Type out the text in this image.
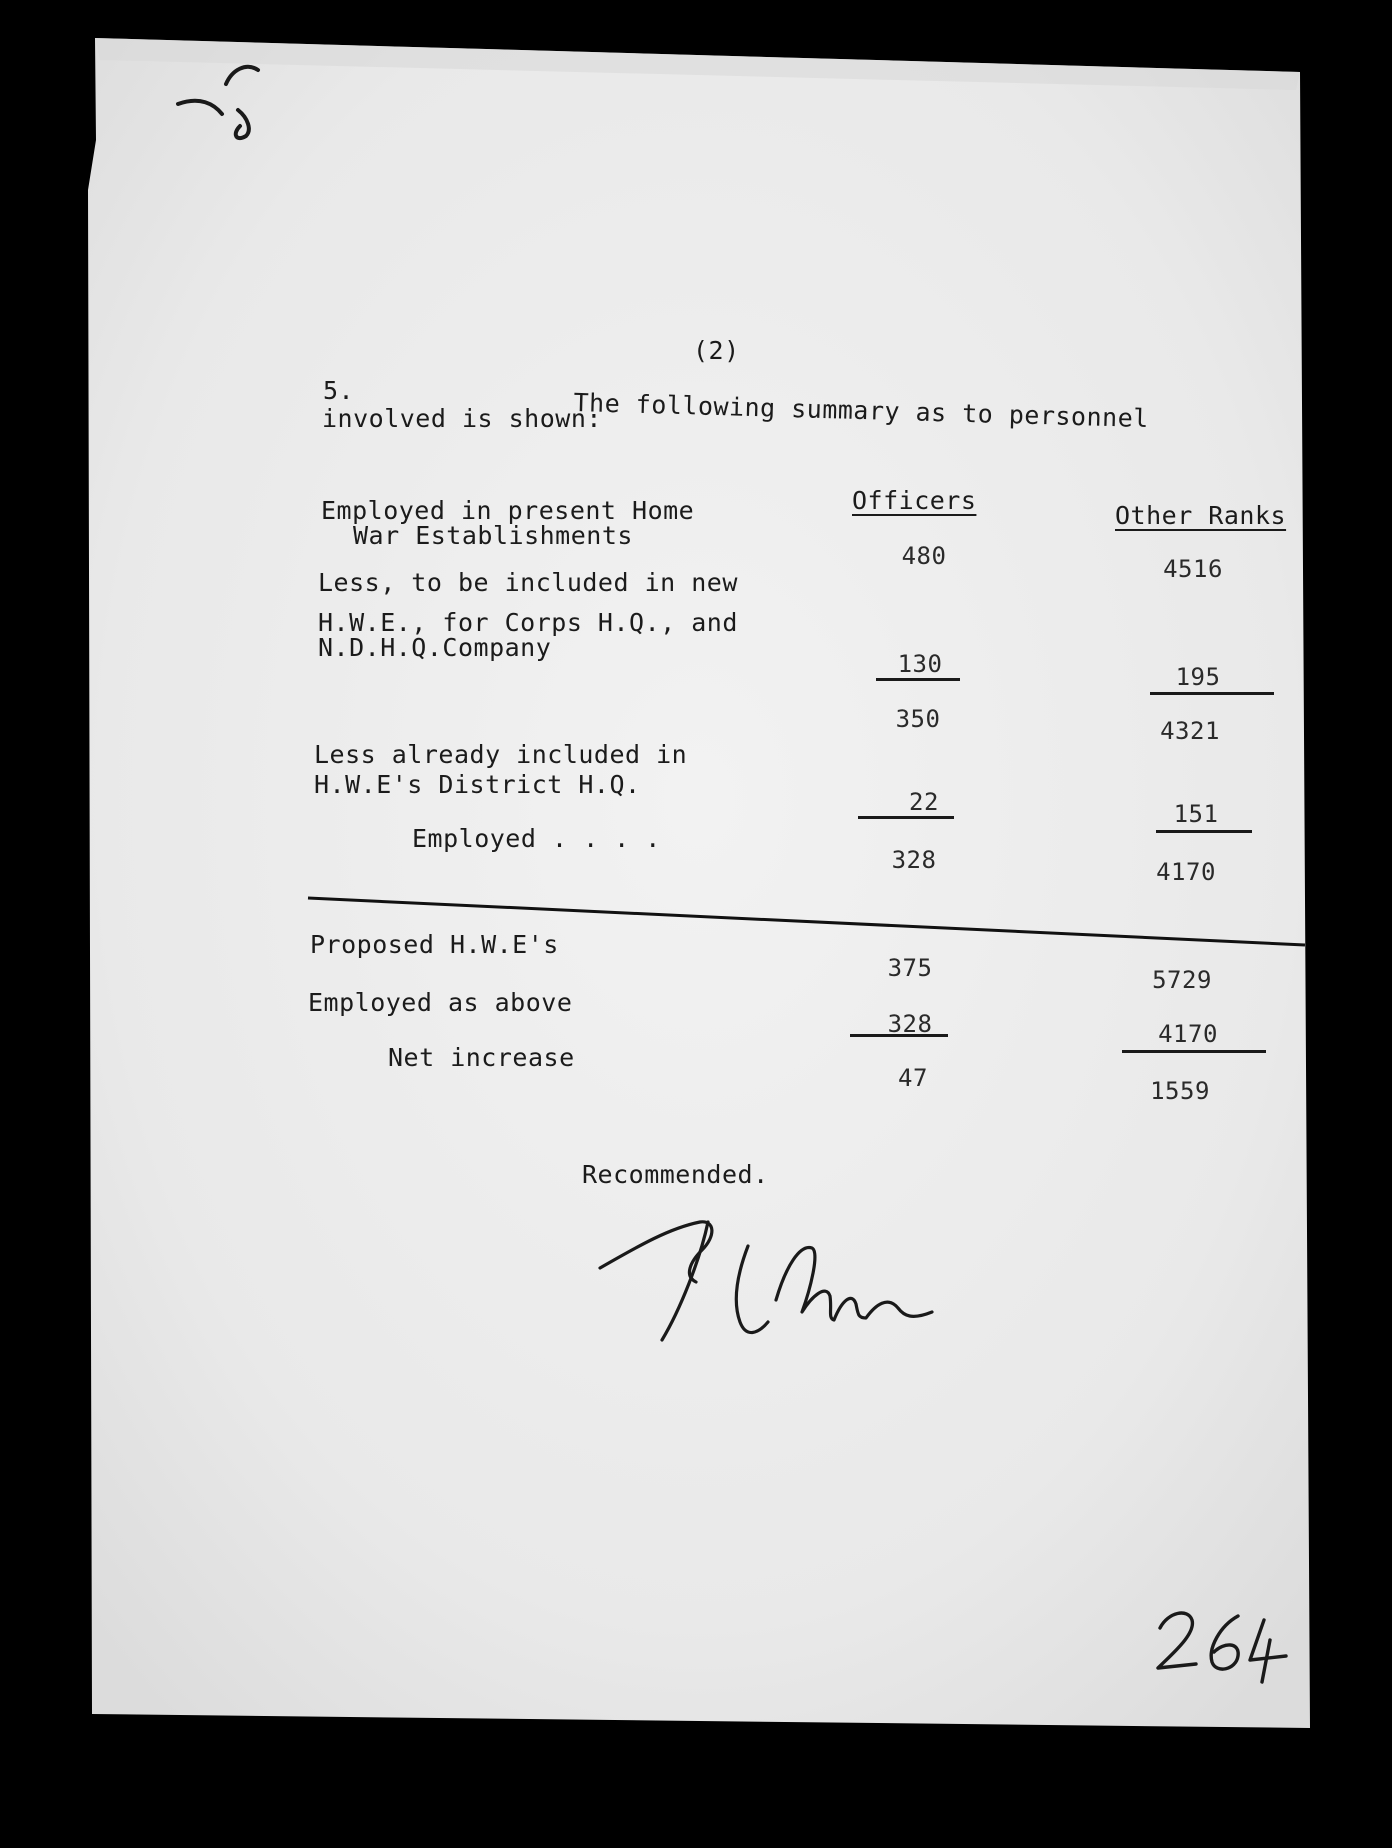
(2)
5.	The following summary as to personnel
involved is shown:
Officers
Other Ranks
Employed in present Home
War Establishments
480	4516
Less, to be included in new
H.W.E., for Corps H.Q., and
N.D.H.Q.Company
130	195
350	4321
Less already included in
H.W.E's District H.Q.
22	151
Employed . . . .
328	4170
Proposed H.W.E's
375	5729
Employed as above
328	4170
Net increase
47	1559
Recommended.
